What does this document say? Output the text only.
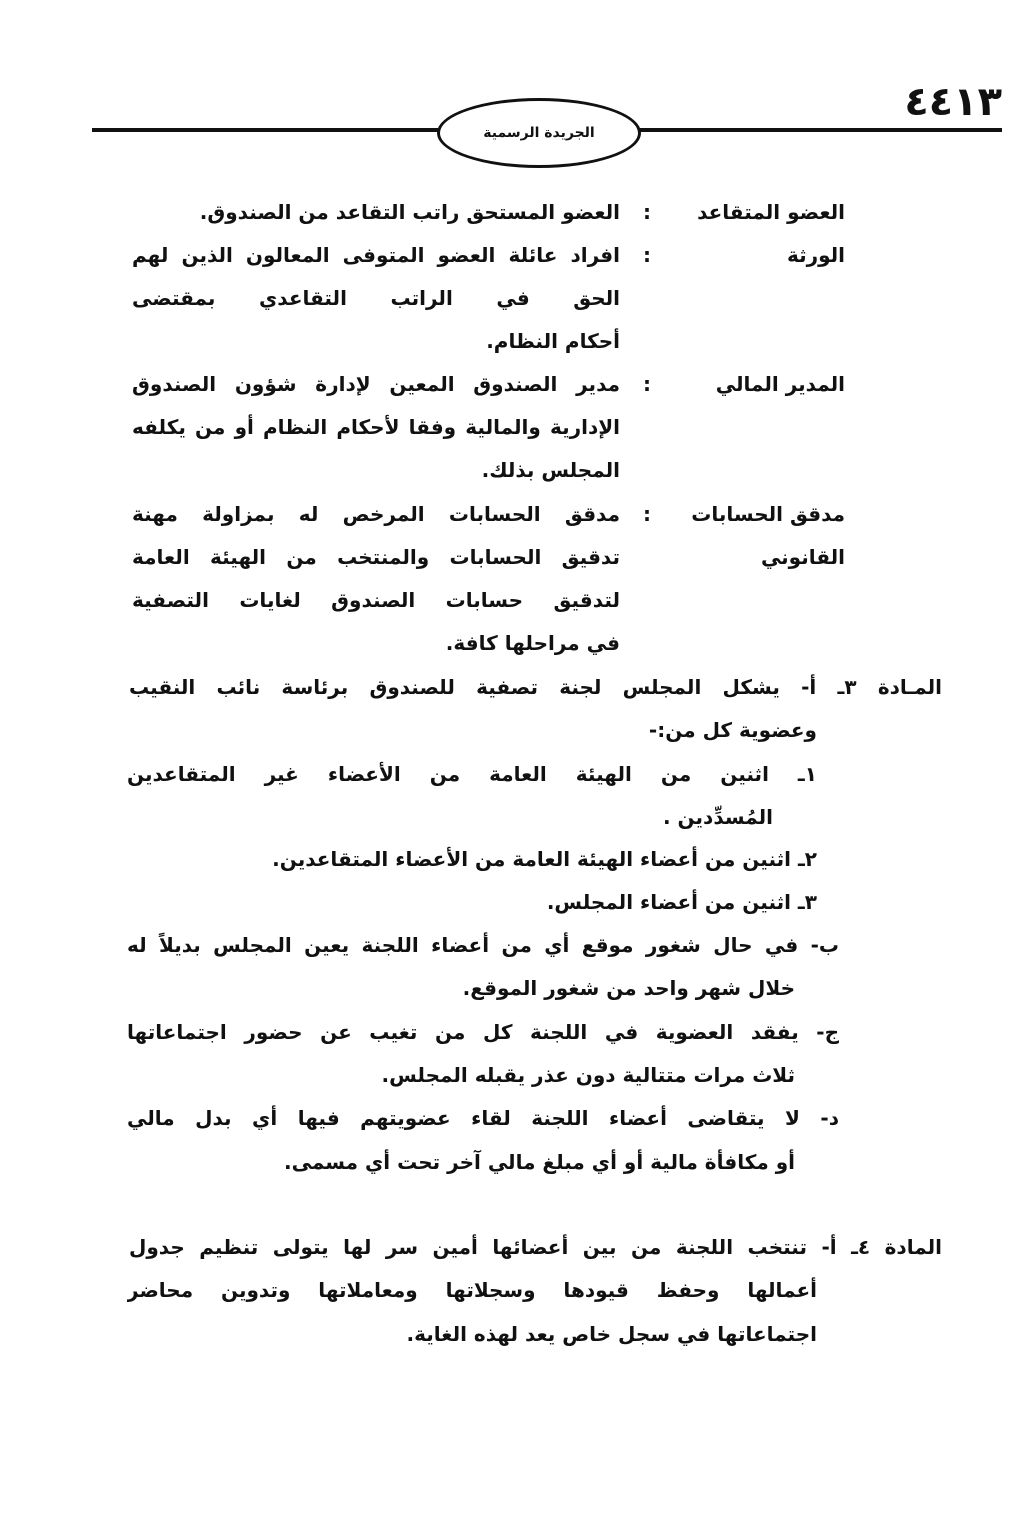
٤٤١٣
الجريدة الرسمية
العضو المتقاعد
:
العضو المستحق راتب التقاعد من الصندوق.
الورثة
:
افراد عائلة العضو المتوفى المعالون الذين لهم
الحق في الراتب التقاعدي بمقتضى
أحكام النظام.
المدير المالي
:
مدير الصندوق المعين لإدارة شؤون الصندوق
الإدارية والمالية وفقا لأحكام النظام أو من يكلفه
المجلس بذلك.
مدقق الحسابات
:
مدقق الحسابات المرخص له بمزاولة مهنة
القانوني
تدقيق الحسابات والمنتخب من الهيئة العامة
لتدقيق حسابات الصندوق لغايات التصفية
في مراحلها كافة.
المـادة ٣ـ أ- يشكل المجلس لجنة تصفية للصندوق برئاسة نائب النقيب
وعضوية كل من:-
١ـ اثنين من الهيئة العامة من الأعضاء غير المتقاعدين
المُسدِّدين .
٢ـ اثنين من أعضاء الهيئة العامة من الأعضاء المتقاعدين.
٣ـ اثنين من أعضاء المجلس.
ب- في حال شغور موقع أي من أعضاء اللجنة يعين المجلس بديلاً له
خلال شهر واحد من شغور الموقع.
ج- يفقد العضوية في اللجنة كل من تغيب عن حضور اجتماعاتها
ثلاث مرات متتالية دون عذر يقبله المجلس.
د- لا يتقاضى أعضاء اللجنة لقاء عضويتهم فيها أي بدل مالي
أو مكافأة مالية أو أي مبلغ مالي آخر تحت أي مسمى.
المادة ٤ـ أ- تنتخب اللجنة من بين أعضائها أمين سر لها يتولى تنظيم جدول
أعمالها وحفظ قيودها وسجلاتها ومعاملاتها وتدوين محاضر
اجتماعاتها في سجل خاص يعد لهذه الغاية.
